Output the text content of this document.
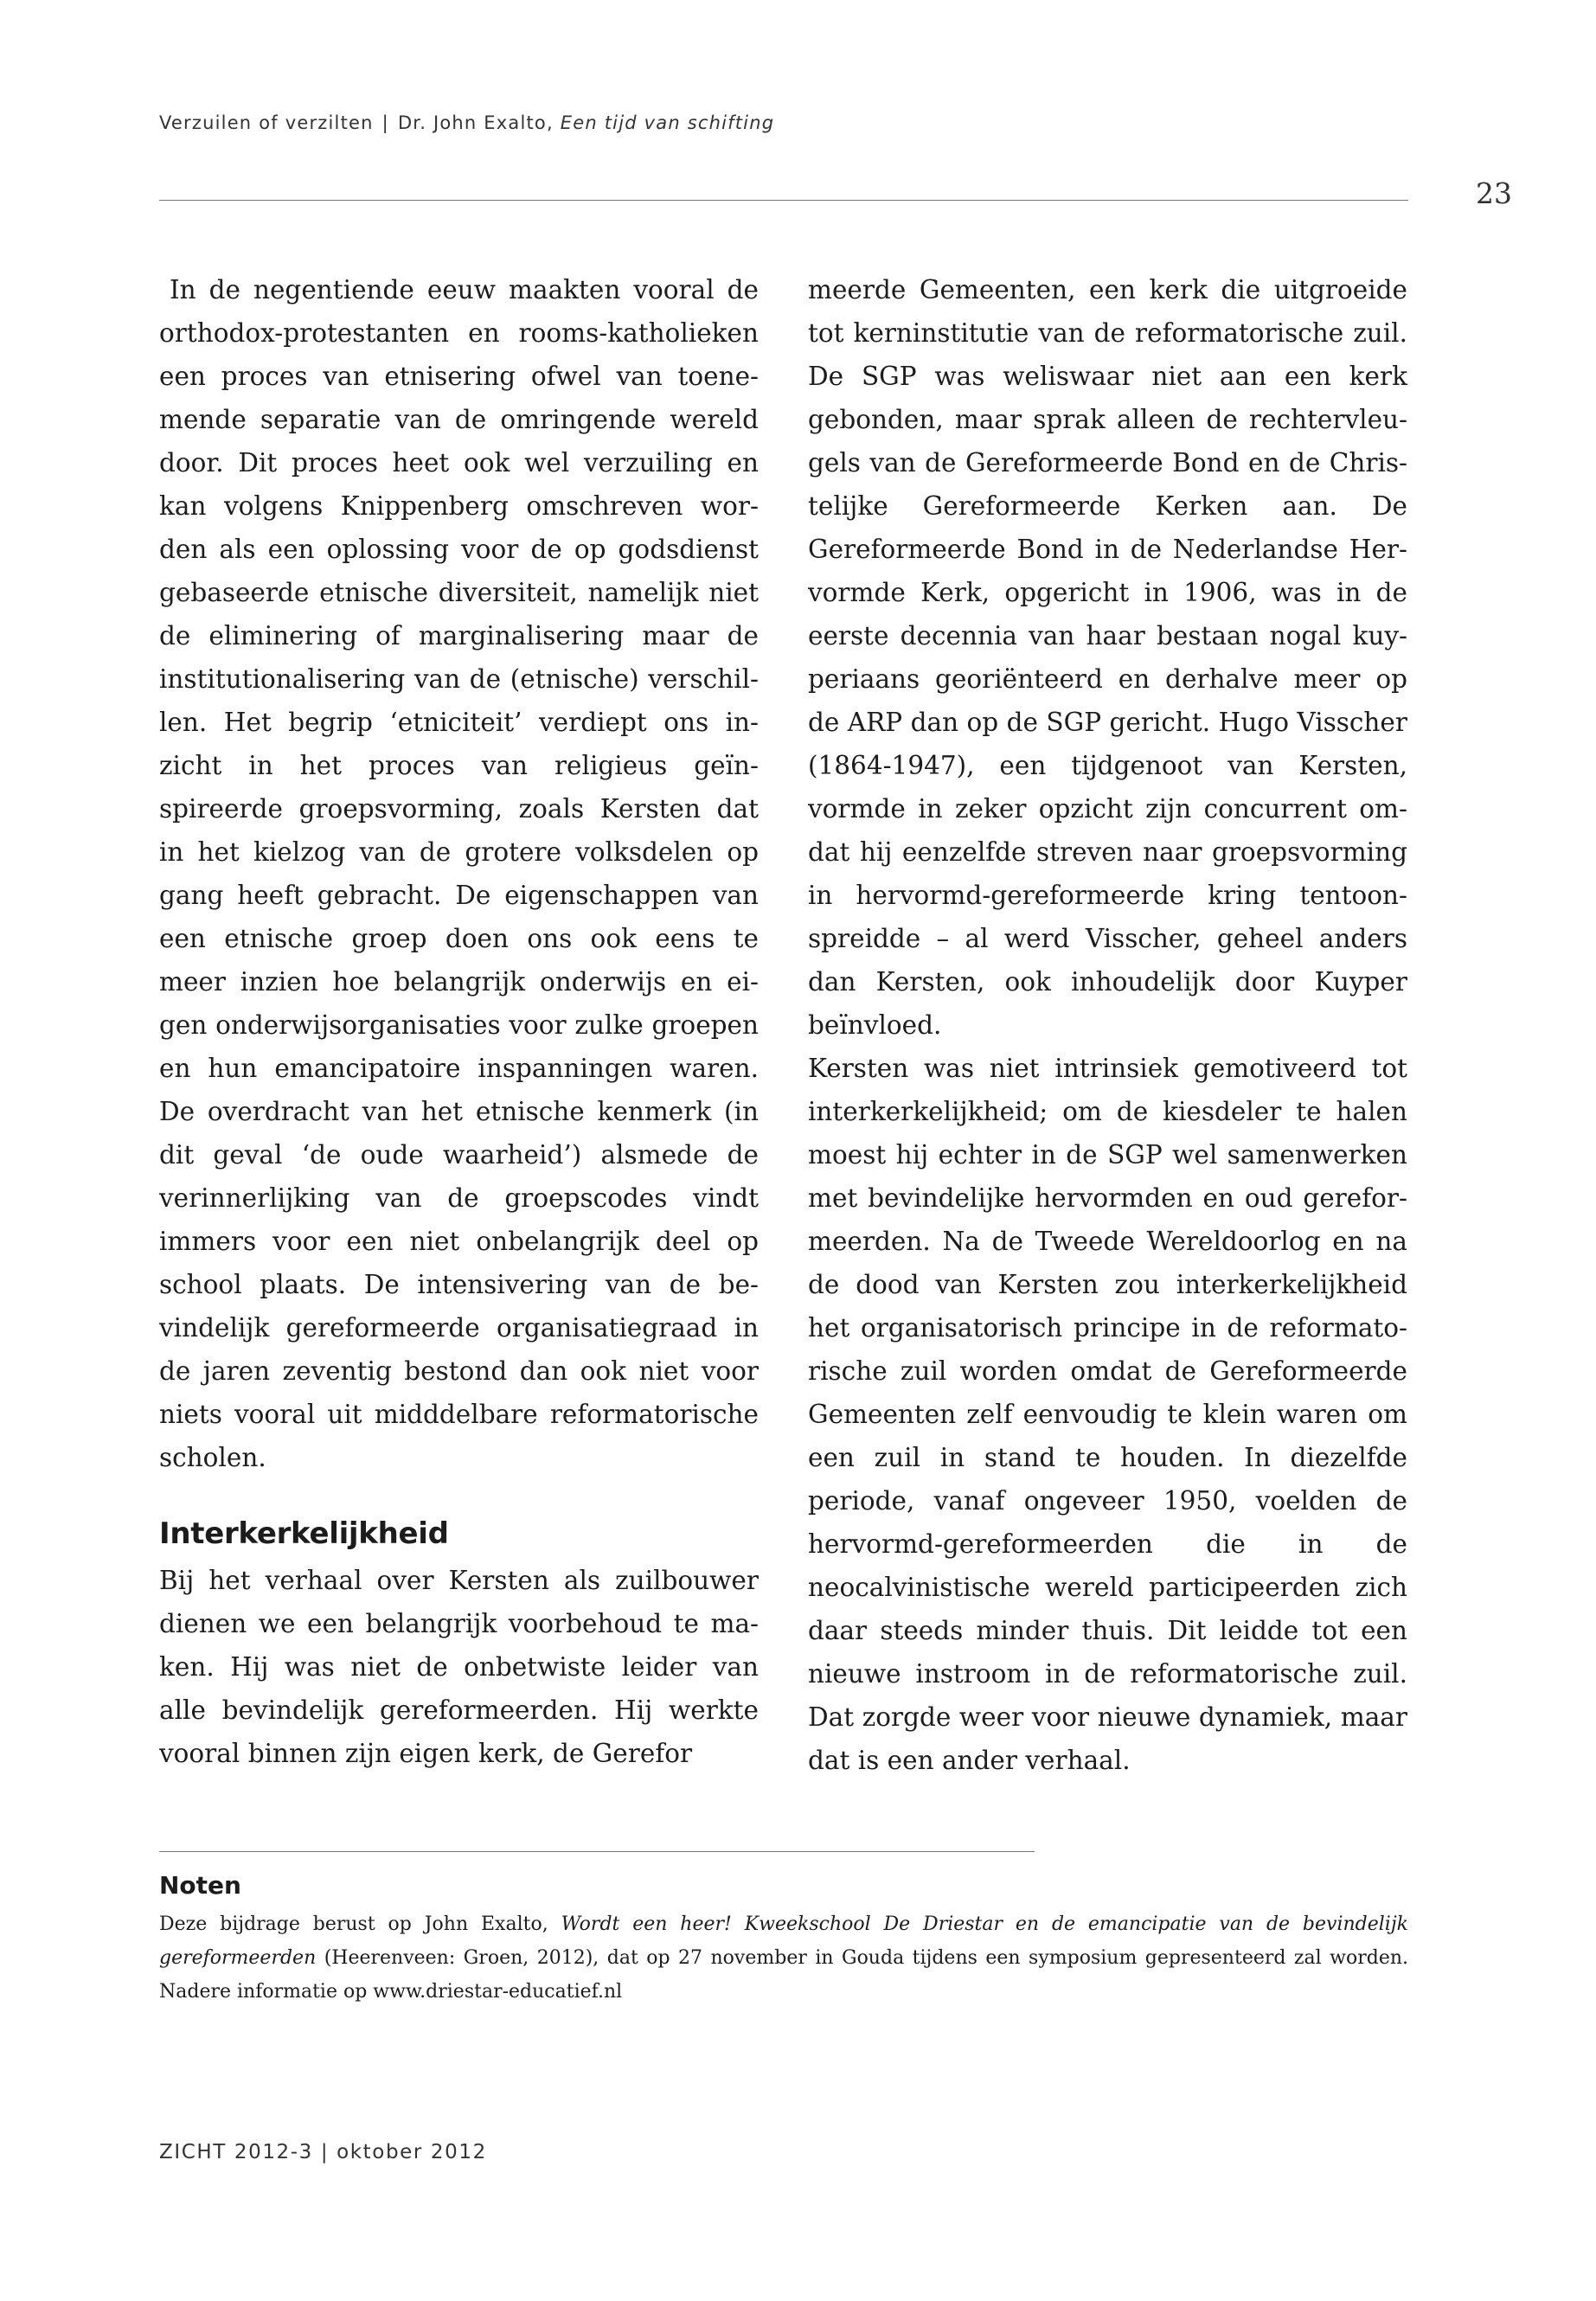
Verzuilen of verzilten | Dr. John Exalto, Een tijd van schifting
23

In de negentiende eeuw maakten vooral de orthodox-protestanten en rooms-katholieken een proces van etnisering ofwel van toenemende separatie van de omringende wereld door. Dit proces heet ook wel verzuiling en kan volgens Knippenberg omschreven worden als een oplossing voor de op godsdienst gebaseerde etnische diversiteit, namelijk niet de eliminering of marginalisering maar de institutionalisering van de (etnische) verschillen. Het begrip ‘etniciteit’ verdiept ons inzicht in het proces van religieus geïnspireerde groepsvorming, zoals Kersten dat in het kielzog van de grotere volksdelen op gang heeft gebracht. De eigenschappen van een etnische groep doen ons ook eens te meer inzien hoe belangrijk onderwijs en eigen onderwijsorganisaties voor zulke groepen en hun emancipatoire inspanningen waren. De overdracht van het etnische kenmerk (in dit geval ‘de oude waarheid’) alsmede de verinnerlijking van de groepscodes vindt immers voor een niet onbelangrijk deel op school plaats. De intensivering van de bevindelijk gereformeerde organisatiegraad in de jaren zeventig bestond dan ook niet voor niets vooral uit midddelbare reformatorische scholen.

Interkerkelijkheid

Bij het verhaal over Kersten als zuilbouwer dienen we een belangrijk voorbehoud te maken. Hij was niet de onbetwiste leider van alle bevindelijk gereformeerden. Hij werkte vooral binnen zijn eigen kerk, de Gerefor

meerde Gemeenten, een kerk die uitgroeide tot kerninstitutie van de reformatorische zuil. De SGP was weliswaar niet aan een kerk gebonden, maar sprak alleen de rechtervleugels van de Gereformeerde Bond en de Christelijke Gereformeerde Kerken aan. De Gereformeerde Bond in de Nederlandse Hervormde Kerk, opgericht in 1906, was in de eerste decennia van haar bestaan nogal kuyperiaans georiënteerd en derhalve meer op de ARP dan op de SGP gericht. Hugo Visscher (1864-1947), een tijdgenoot van Kersten, vormde in zeker opzicht zijn concurrent omdat hij eenzelfde streven naar groepsvorming in hervormd-gereformeerde kring tentoonspreidde – al werd Visscher, geheel anders dan Kersten, ook inhoudelijk door Kuyper beïnvloed.

Kersten was niet intrinsiek gemotiveerd tot interkerkelijkheid; om de kiesdeler te halen moest hij echter in de SGP wel samenwerken met bevindelijke hervormden en oud gereformeerden. Na de Tweede Wereldoorlog en na de dood van Kersten zou interkerkelijkheid het organisatorisch principe in de reformatorische zuil worden omdat de Gereformeerde Gemeenten zelf eenvoudig te klein waren om een zuil in stand te houden. In diezelfde periode, vanaf ongeveer 1950, voelden de hervormd-gereformeerden die in de neocalvinistische wereld participeerden zich daar steeds minder thuis. Dit leidde tot een nieuwe instroom in de reformatorische zuil. Dat zorgde weer voor nieuwe dynamiek, maar dat is een ander verhaal.

Noten
Deze bijdrage berust op John Exalto, Wordt een heer! Kweekschool De Driestar en de emancipatie van de bevindelijk gereformeerden (Heerenveen: Groen, 2012), dat op 27 november in Gouda tijdens een symposium gepresenteerd zal worden. Nadere informatie op www.driestar-educatief.nl
ZICHT 2012-3 | oktober 2012
